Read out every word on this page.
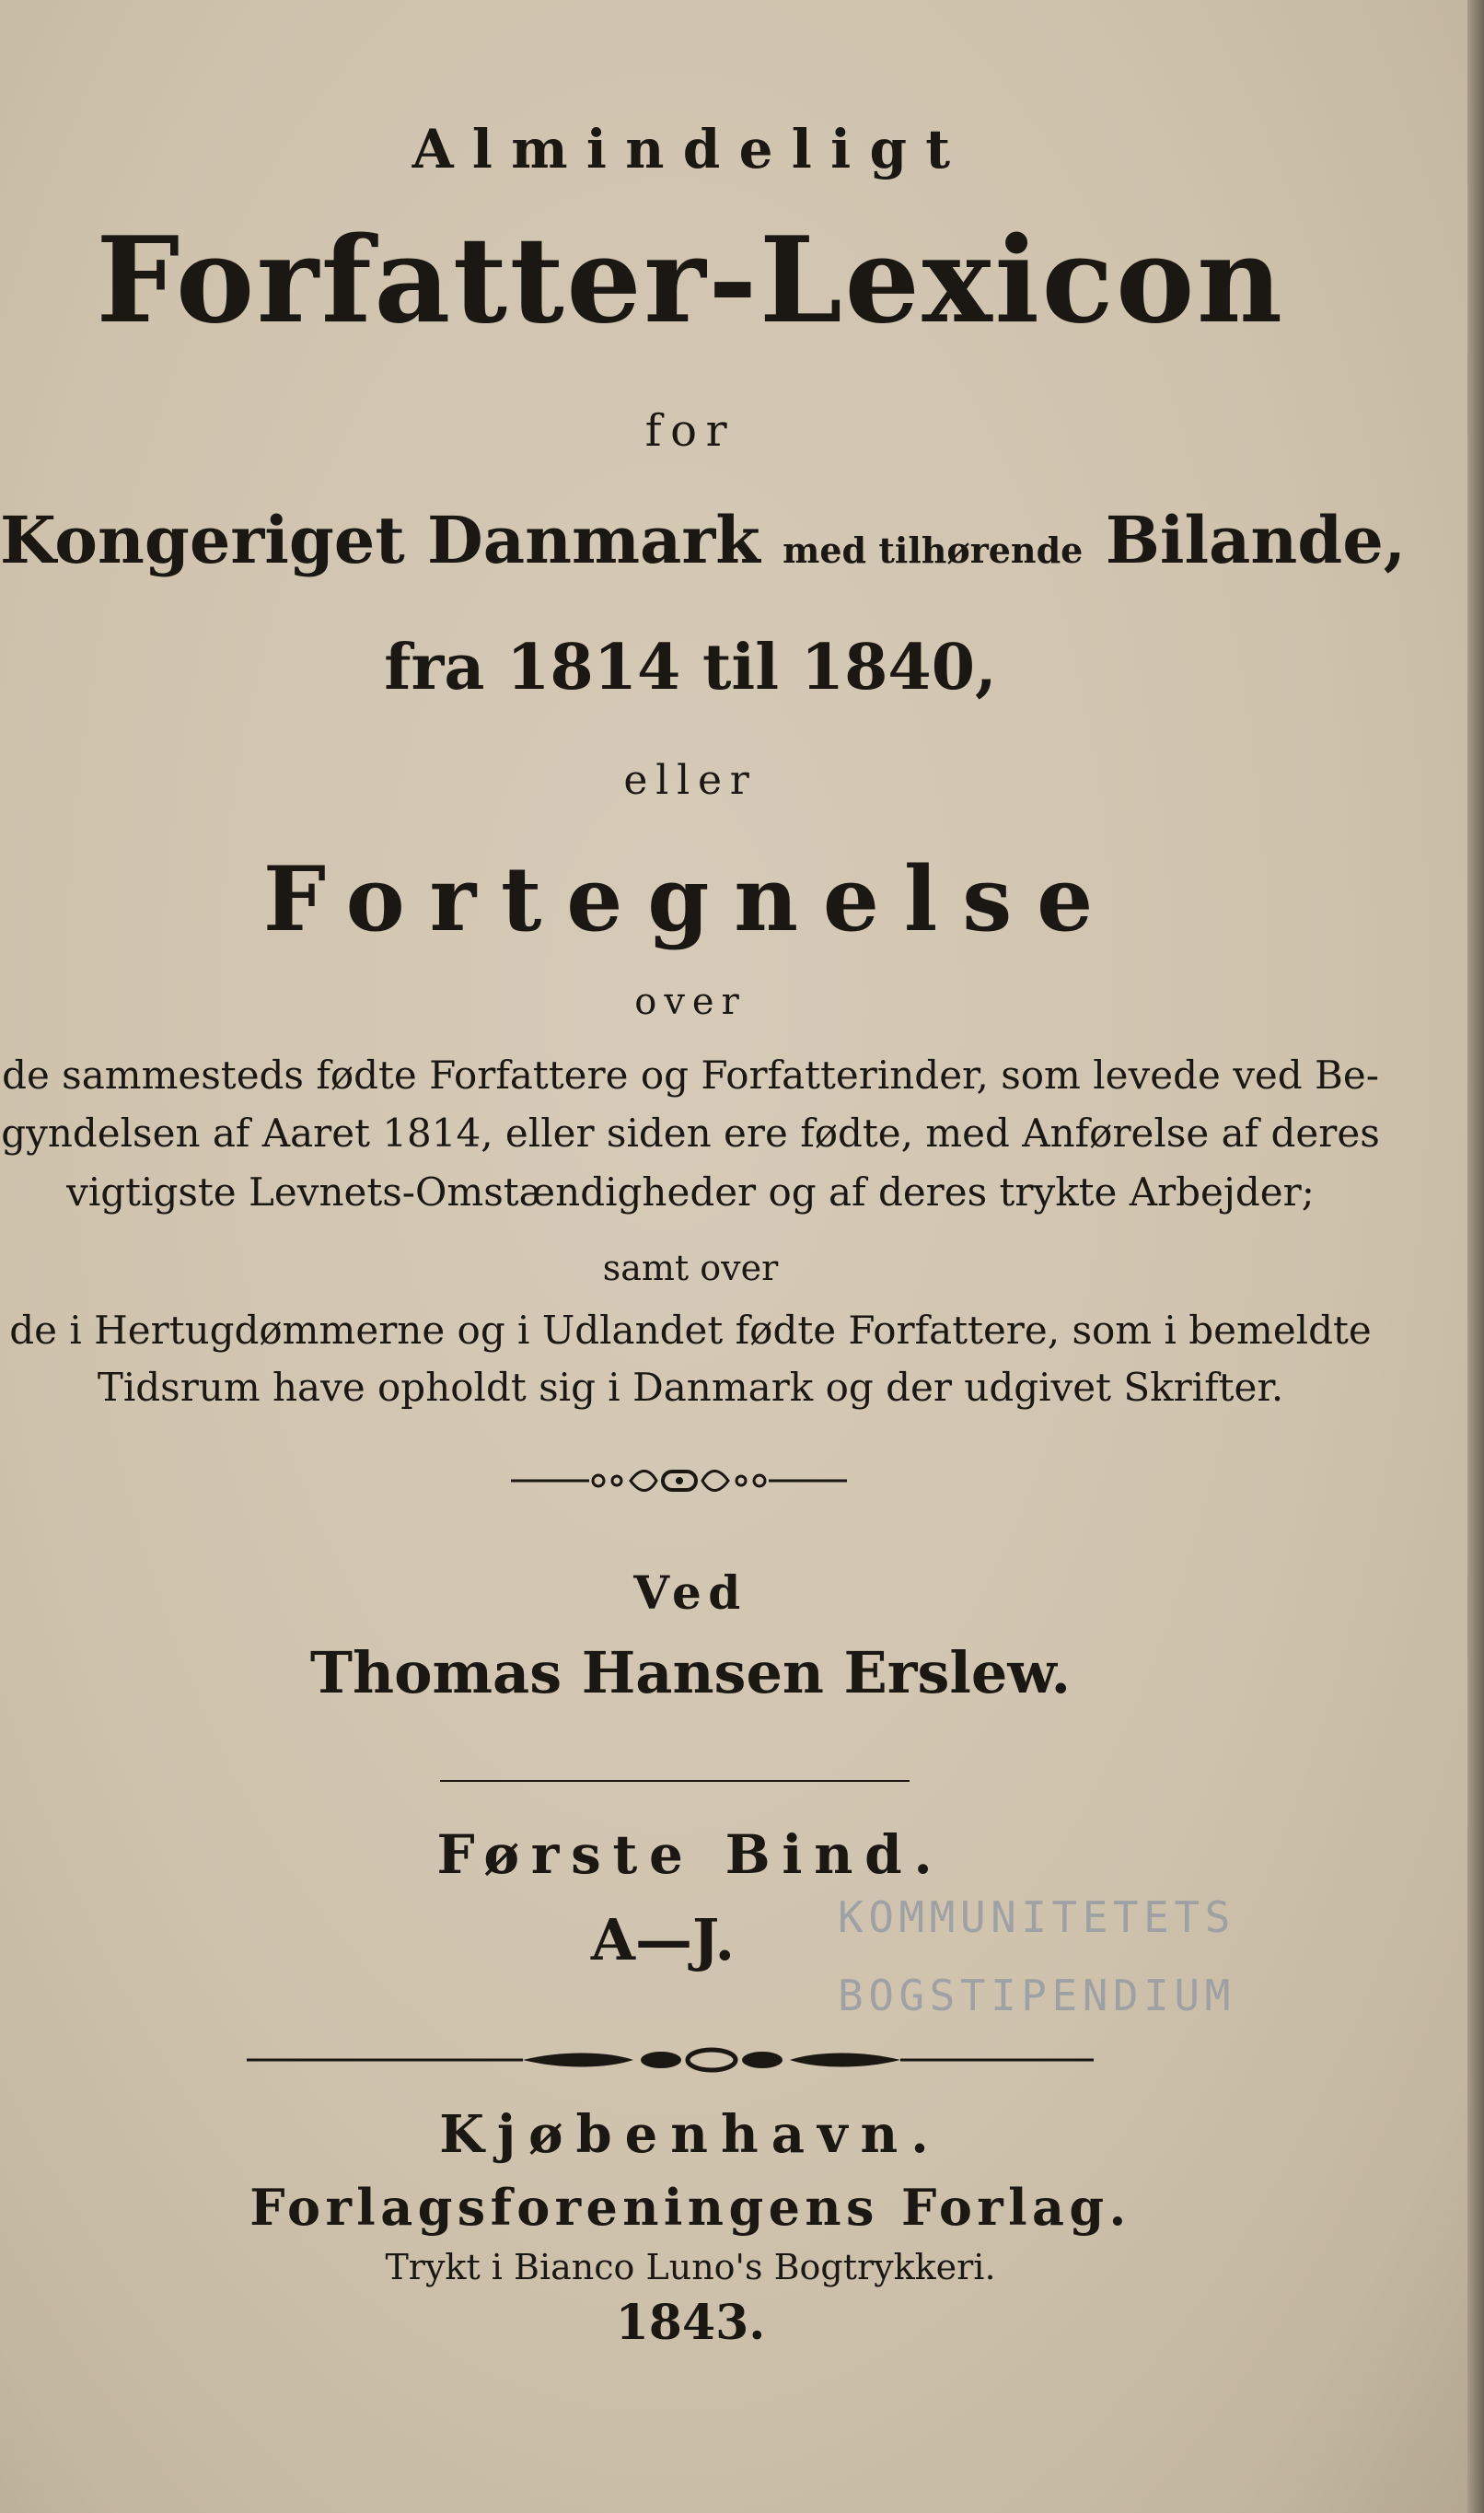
Almindeligt
Forfatter-Lexicon
for
Kongeriget Danmark med tilhørende Bilande,
fra 1814 til 1840,
eller
Fortegnelse
over
de sammesteds fødte Forfattere og Forfatterinder, som levede ved Be-
gyndelsen af Aaret 1814, eller siden ere fødte, med Anførelse af deres
vigtigste Levnets-Omstændigheder og af deres trykte Arbejder;
samt over
de i Hertugdømmerne og i Udlandet fødte Forfattere, som i bemeldte
Tidsrum have opholdt sig i Danmark og der udgivet Skrifter.
Ved
Thomas Hansen Erslew.
Første Bind.
A—J.	KOMMUNITETETS
BOGSTIPENDIUM
Kjøbenhavn.
Forlagsforeningens Forlag.
Trykt i Bianco Luno's Bogtrykkeri.
1843.
